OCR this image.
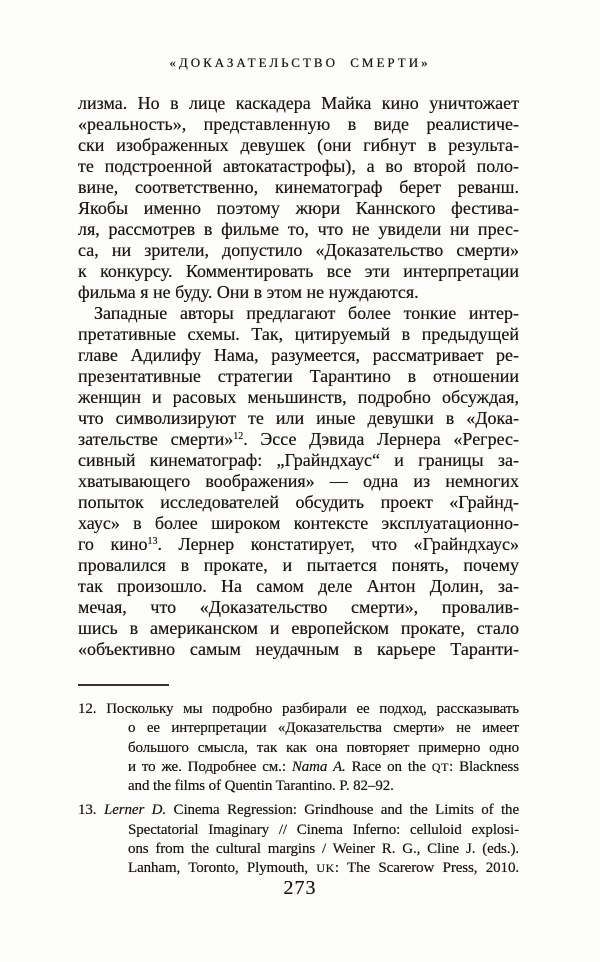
«ДОКАЗАТЕЛЬСТВО СМЕРТИ»
лизма. Но в лице каскадера Майка кино уничтожает
«реальность», представленную в виде реалистиче-
ски изображенных девушек (они гибнут в результа-
те подстроенной автокатастрофы), а во второй поло-
вине, соответственно, кинематограф берет реванш.
Якобы именно поэтому жюри Каннского фестива-
ля, рассмотрев в фильме то, что не увидели ни прес-
са, ни зрители, допустило «Доказательство смерти»
к конкурсу. Комментировать все эти интерпретации
фильма я не буду. Они в этом не нуждаются.
Западные авторы предлагают более тонкие интер-
претативные схемы. Так, цитируемый в предыдущей
главе Адилифу Нама, разумеется, рассматривает ре-
презентативные стратегии Тарантино в отношении
женщин и расовых меньшинств, подробно обсуждая,
что символизируют те или иные девушки в «Дока-
зательстве смерти»$^{12}$. Эссе Дэвида Лернера «Регрес-
сивный кинематограф: „Грайндхаус“ и границы за-
хватывающего воображения» — одна из немногих
попыток исследователей обсудить проект «Грайнд-
хаус» в более широком контексте эксплуатационно-
го кино$^{13}$. Лернер констатирует, что «Грайндхаус»
провалился в прокате, и пытается понять, почему
так произошло. На самом деле Антон Долин, за-
мечая, что «Доказательство смерти», провалив-
шись в американском и европейском прокате, стало
«объективно самым неудачным в карьере Таранти-
12. Поскольку мы подробно разбирали ее подход, рассказывать
о ее интерпретации «Доказательства смерти» не имеет
большого смысла, так как она повторяет примерно одно
и то же. Подробнее см.: Nama A. Race on the QT: Blackness
and the films of Quentin Tarantino. P. 82–92.
13. Lerner D. Cinema Regression: Grindhouse and the Limits of the
Spectatorial Imaginary // Cinema Inferno: celluloid explosi-
ons from the cultural margins / Weiner R. G., Cline J. (eds.).
Lanham, Toronto, Plymouth, UK: The Scarerow Press, 2010.
273
